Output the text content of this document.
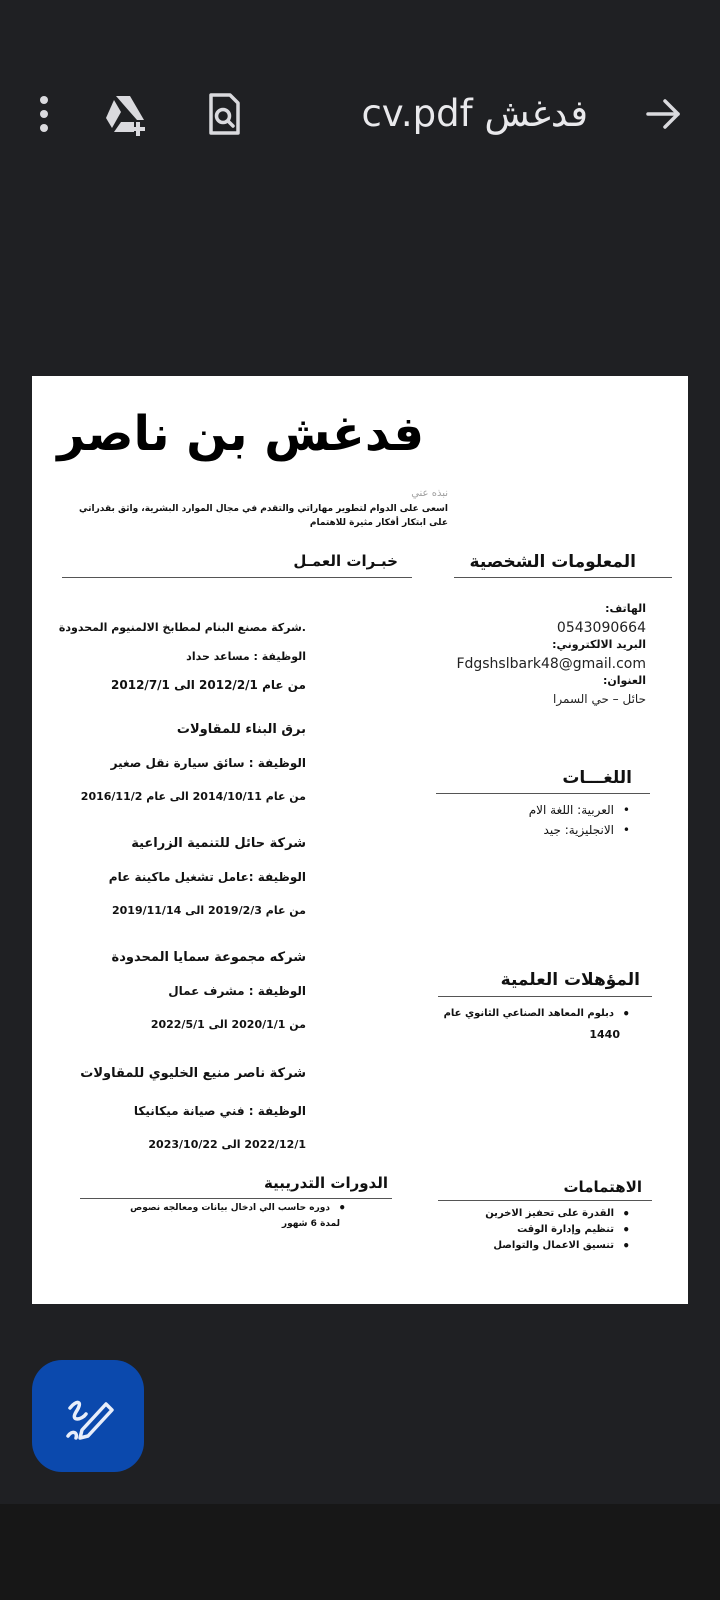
فدغش cv.pdf
فدغش بن ناصر
نبذه عني
اسعى على الدوام لتطوير مهاراتي والتقدم في مجال الموارد البشرية، واثق بقدراتي على ابتكار أفكار مثيرة للاهتمام
المعلومات الشخصية
الهاتف:
0543090664
البريد الالكتروني:
Fdgshslbark48@gmail.com
العنوان:
حائل – حي السمرا
اللغـــات
• العربية: اللغة الام
• الانجليزية: جيد
المؤهلات العلمية
• دبلوم المعاهد الصناعي الثانوي عام
1440
الاهتمامات
• القدرة على تحفيز الاخرين
• تنظيم وإدارة الوقت
• تنسيق الاعمال والتواصل
خبـرات العمـل
.شركة مصنع البنام لمطابخ الالمنيوم المحدودة
الوظيفة : مساعد حداد
من عام 2012/2/1 الى 2012/7/1
برق البناء للمقاولات
الوظيفة : سائق سيارة نقل صغير
من عام 2014/10/11 الى عام 2016/11/2
شركة حائل للتنمية الزراعية
الوظيفة :عامل تشغيل ماكينة عام
من عام 2019/2/3 الى 2019/11/14
شركه مجموعة سمايا المحدودة
الوظيفة : مشرف عمال
من 2020/1/1 الى 2022/5/1
شركة ناصر منيع الخليوي للمقاولات
الوظيفة : فني صيانة ميكانيكا
2022/12/1 الى 2023/10/22
الدورات التدريبية
• دوره حاسب الي ادخال بيانات ومعالجه نصوص
لمدة 6 شهور
